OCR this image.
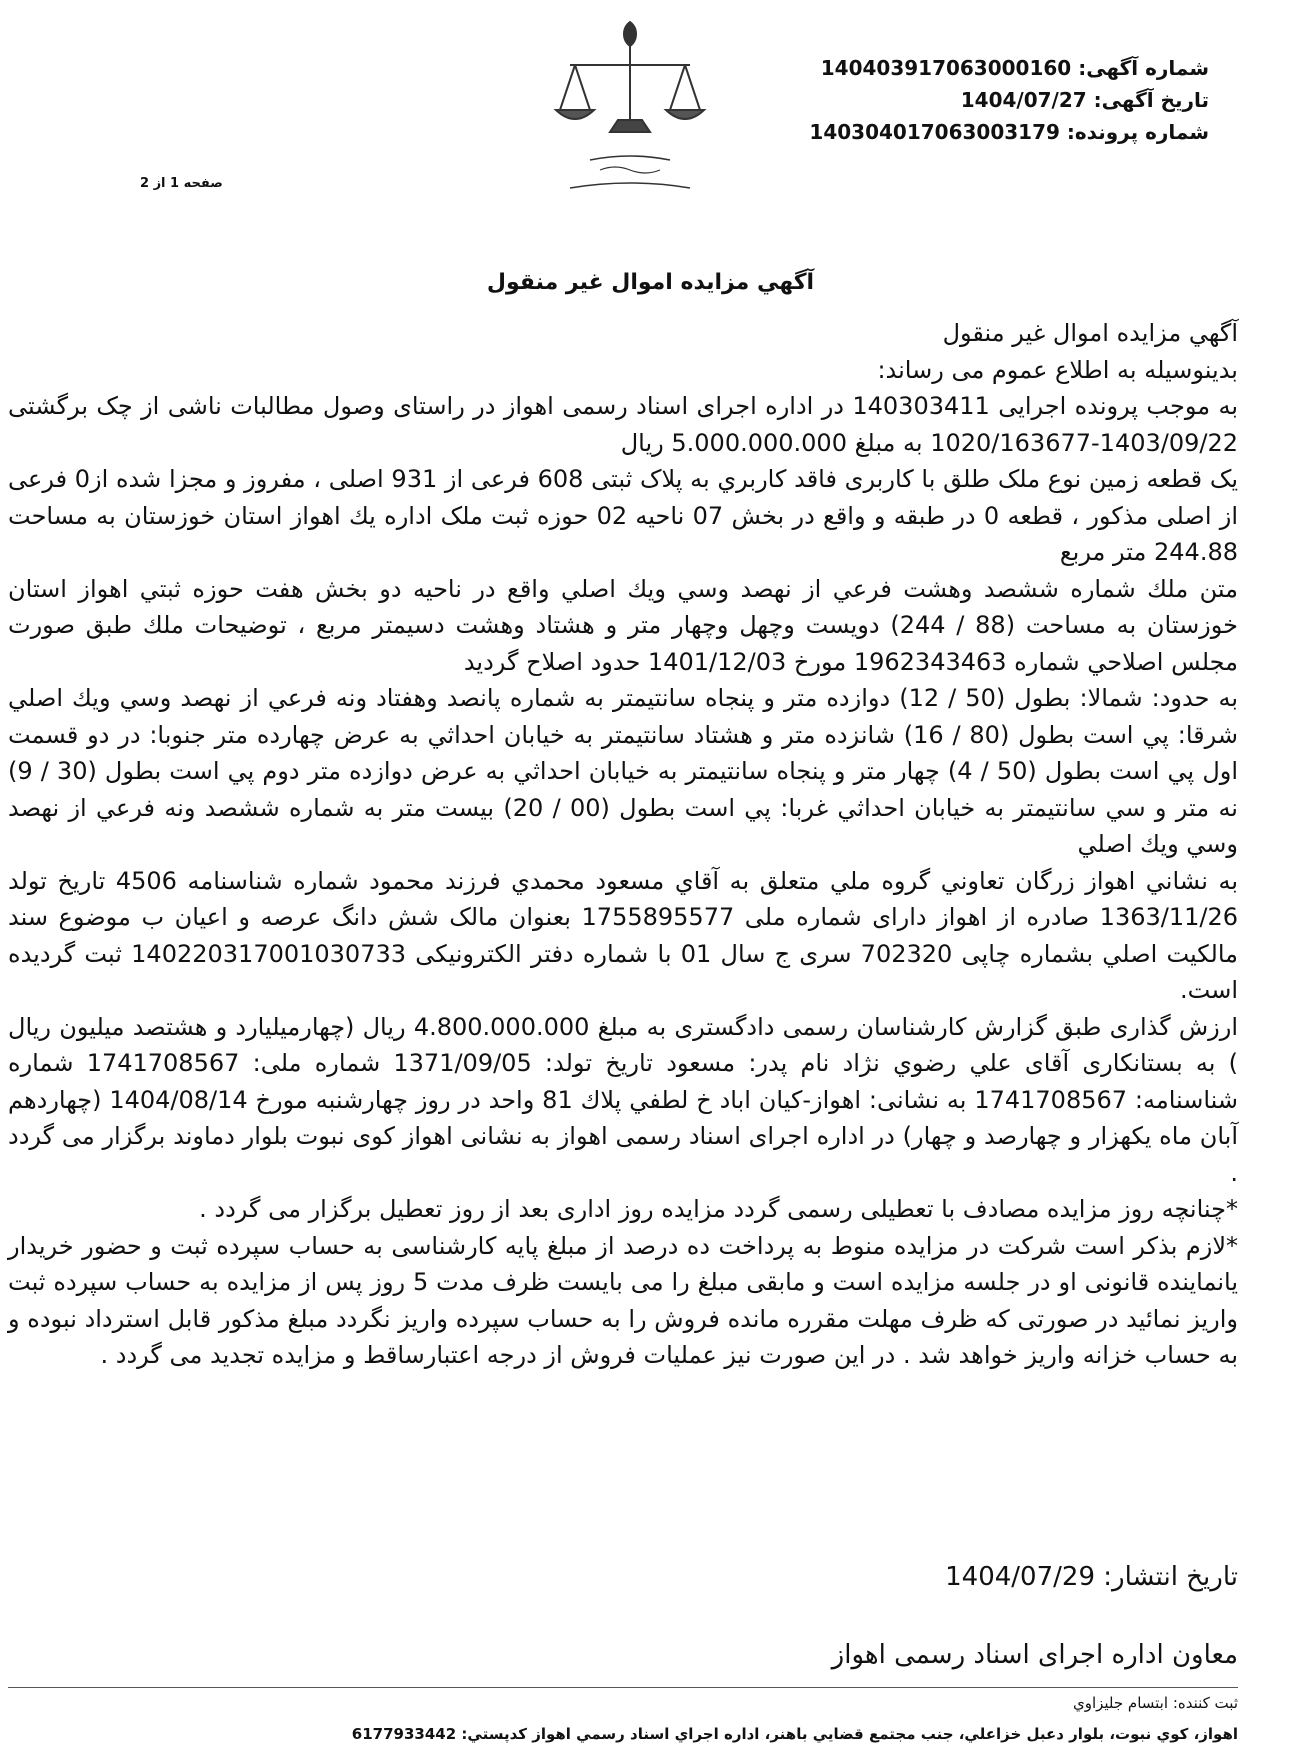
شماره آگهی: 140403917063000160
تاریخ آگهی: 1404/07/27
شماره پرونده: 140304017063003179
صفحه 1 از 2
آگهي مزايده اموال غير منقول

آگهي مزايده اموال غير منقول

بدینوسیله به اطلاع عموم می رساند:

به موجب پرونده اجرایی 140303411 در اداره اجرای اسناد رسمی اهواز در راستای وصول مطالبات ناشی از چک برگشتی 1403/09/22-1020/163677 به مبلغ 5.000.000.000 ریال

یک قطعه زمین نوع ملک طلق با کاربری فاقد کاربري به پلاک ثبتی 608 فرعی از 931 اصلی ، مفروز و مجزا شده از0 فرعی از اصلی مذکور ، قطعه 0 در طبقه و واقع در بخش 07 ناحیه 02 حوزه ثبت ملک اداره يك اهواز استان خوزستان به مساحت 244.88 متر مربع

متن ملك شماره ششصد وهشت فرعي از نهصد وسي ويك اصلي واقع در ناحيه دو بخش هفت حوزه ثبتي اهواز استان خوزستان به مساحت (88 / 244) دويست وچهل وچهار متر و هشتاد وهشت دسيمتر مربع ، توضيحات ملك طبق صورت مجلس اصلاحي شماره 1962343463 مورخ 1401/12/03 حدود اصلاح گرديد

به حدود: شمالا: بطول (50 / 12) دوازده متر و پنجاه سانتيمتر به شماره پانصد وهفتاد ونه فرعي از نهصد وسي ويك اصلي شرقا: پي است بطول (80 / 16) شانزده متر و هشتاد سانتيمتر به خيابان احداثي به عرض چهارده متر جنوبا: در دو قسمت اول پي است بطول (50 / 4) چهار متر و پنجاه سانتيمتر به خيابان احداثي به عرض دوازده متر دوم پي است بطول (30 / 9) نه متر و سي سانتيمتر به خيابان احداثي غربا: پي است بطول (00 / 20) بيست متر به شماره ششصد ونه فرعي از نهصد وسي ويك اصلي

به نشاني اهواز زرگان تعاوني گروه ملي متعلق به آقاي مسعود محمدي فرزند محمود شماره شناسنامه 4506 تاریخ تولد 1363/11/26 صادره از اهواز دارای شماره ملی 1755895577 بعنوان مالک شش دانگ عرصه و اعیان ب موضوع سند مالکیت اصلي بشماره چاپی 702320 سری ج سال 01 با شماره دفتر الکترونیکی 140220317001030733 ثبت گردیده است.

ارزش گذاری طبق گزارش کارشناسان رسمی دادگستری به مبلغ 4.800.000.000 ریال (چهارمیلیارد و هشتصد میلیون ریال ) به بستانکاری آقای علي رضوي نژاد نام پدر: مسعود تاریخ تولد: 1371/09/05 شماره ملی: 1741708567 شماره شناسنامه: 1741708567 به نشانی: اهواز-کيان اباد خ لطفي پلاك 81 واحد در روز چهارشنبه مورخ 1404/08/14 (چهاردهم آبان ماه یکهزار و چهارصد و چهار) در اداره اجرای اسناد رسمی اهواز به نشانی اهواز کوی نبوت بلوار دماوند برگزار می گردد .

*چنانچه روز مزایده مصادف با تعطیلی رسمی گردد مزایده روز اداری بعد از روز تعطیل برگزار می گردد .

*لازم بذکر است شرکت در مزایده منوط به پرداخت ده درصد از مبلغ پایه کارشناسی به حساب سپرده ثبت و حضور خریدار یانماینده قانونی او در جلسه مزایده است و مابقی مبلغ را می بایست ظرف مدت 5 روز پس از مزایده به حساب سپرده ثبت واریز نمائید در صورتی که ظرف مهلت مقرره مانده فروش را به حساب سپرده واریز نگردد مبلغ مذکور قابل استرداد نبوده و به حساب خزانه واریز خواهد شد . در این صورت نیز عملیات فروش از درجه اعتبارساقط و مزایده تجدید می گردد .

تاریخ انتشار: 1404/07/29
معاون اداره اجرای اسناد رسمی اهواز
ثبت کننده: ابتسام جليزاوي
اهواز، كوي نبوت، بلوار دعبل خزاعلي، جنب مجتمع قضايي باهنر، اداره اجراي اسناد رسمي اهواز كدپستي: 6177933442
